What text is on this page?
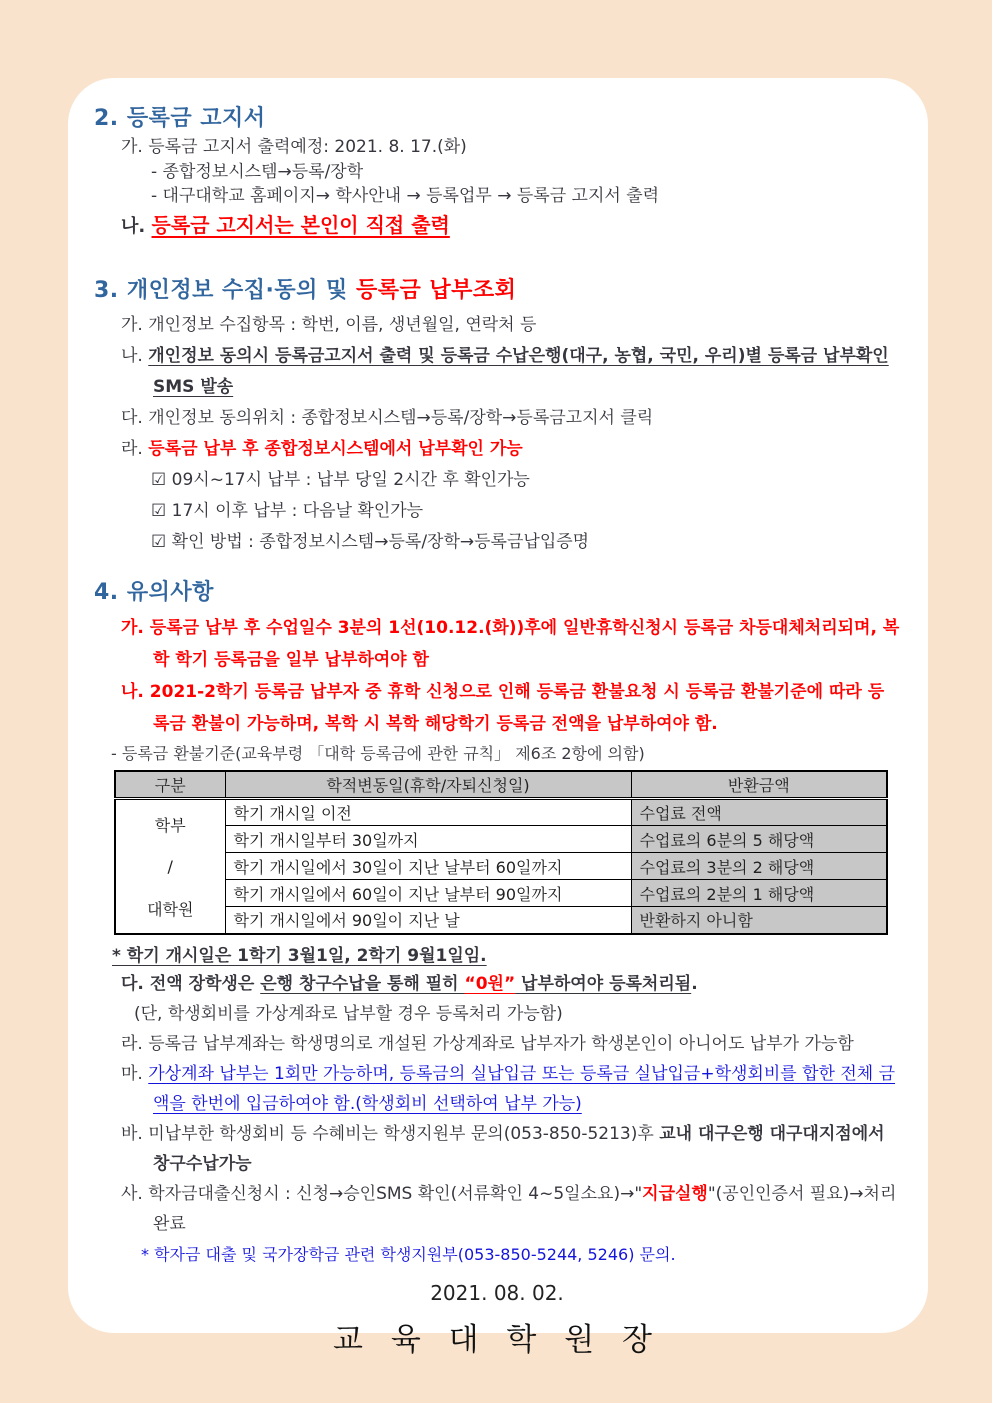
2. 등록금 고지서
가. 등록금 고지서 출력예정: 2021. 8. 17.(화)
- 종합정보시스템→등록/장학
- 대구대학교 홈페이지→ 학사안내 → 등록업무 → 등록금 고지서 출력
나. 등록금 고지서는 본인이 직접 출력
3. 개인정보 수집·동의 및 등록금 납부조회
가. 개인정보 수집항목 : 학번, 이름, 생년월일, 연락처 등
나. 개인정보 동의시 등록금고지서 출력 및 등록금 수납은행(대구, 농협, 국민, 우리)별 등록금 납부확인 SMS 발송
다. 개인정보 동의위치 : 종합정보시스템→등록/장학→등록금고지서 클릭
라. 등록금 납부 후 종합정보시스템에서 납부확인 가능
☑ 09시~17시 납부 : 납부 당일 2시간 후 확인가능
☑ 17시 이후 납부 : 다음날 확인가능
☑ 확인 방법 : 종합정보시스템→등록/장학→등록금납입증명
4. 유의사항
가. 등록금 납부 후 수업일수 3분의 1선(10.12.(화))후에 일반휴학신청시 등록금 차등대체처리되며, 복학 학기 등록금을 일부 납부하여야 함
나. 2021-2학기 등록금 납부자 중 휴학 신청으로 인해 등록금 환불요청 시 등록금 환불기준에 따라 등록금 환불이 가능하며, 복학 시 복학 해당학기 등록금 전액을 납부하여야 함.
- 등록금 환불기준(교육부령 「대학 등록금에 관한 규칙」 제6조 2항에 의함)
구분	학적변동일(휴학/자퇴신청일)	반환금액

학부
/
대학원	학기 개시일 이전	수업료 전액
	학기 개시일부터 30일까지	수업료의 6분의 5 해당액
	학기 개시일에서 30일이 지난 날부터 60일까지	수업료의 3분의 2 해당액
	학기 개시일에서 60일이 지난 날부터 90일까지	수업료의 2분의 1 해당액
	학기 개시일에서 90일이 지난 날	반환하지 아니함
* 학기 개시일은 1학기 3월1일, 2학기 9월1일임.
다. 전액 장학생은 은행 창구수납을 통해 필히 “0원” 납부하여야 등록처리됨.
(단, 학생회비를 가상계좌로 납부할 경우 등록처리 가능함)
라. 등록금 납부계좌는 학생명의로 개설된 가상계좌로 납부자가 학생본인이 아니어도 납부가 가능함
마. 가상계좌 납부는 1회만 가능하며, 등록금의 실납입금 또는 등록금 실납입금+학생회비를 합한 전체 금액을 한번에 입금하여야 함.(학생회비 선택하여 납부 가능)
바. 미납부한 학생회비 등 수혜비는 학생지원부 문의(053-850-5213)후 교내 대구은행 대구대지점에서 창구수납가능
사. 학자금대출신청시 : 신청→승인SMS 확인(서류확인 4~5일소요)→"지급실행"(공인인증서 필요)→처리완료
* 학자금 대출 및 국가장학금 관련 학생지원부(053-850-5244, 5246) 문의.
2021. 08. 02.
교 육 대 학 원 장
